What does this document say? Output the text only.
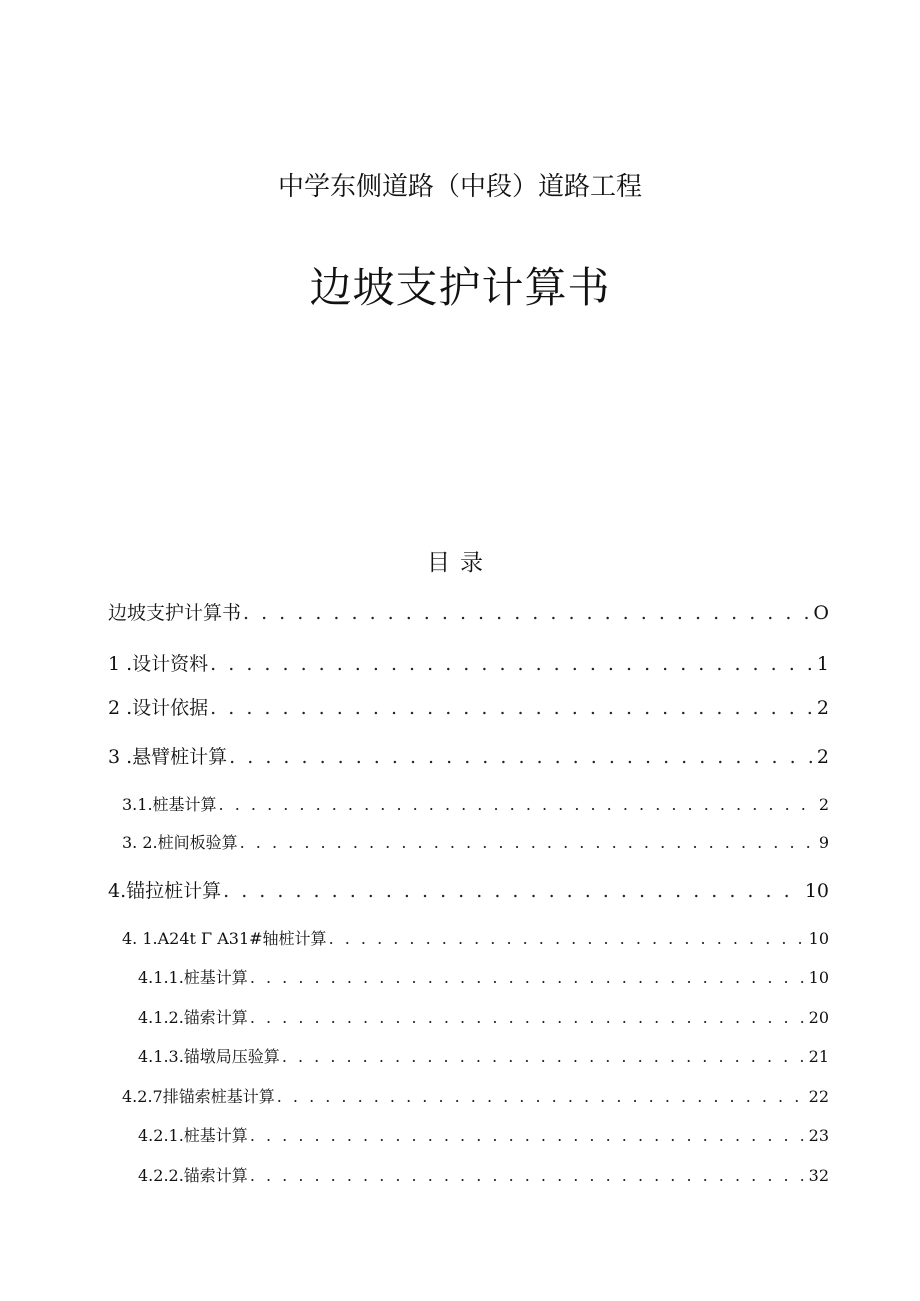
中学东侧道路（中段）道路工程
边坡支护计算书
目录
边坡支护计算书 . . .	O
1 .设计资料 . . .	1
2 .设计依据 . . .	2
3 .悬臂桩计算 . . .	2
3.1.桩基计算 . . .	2
3. 2.桩间板验算 . . .	9
4.锚拉桩计算 . . .	10
4. 1.A24t Γ A31#轴桩计算 . . .	10
4.1.1.桩基计算 . . .	10
4.1.2.锚索计算 . . .	20
4.1.3.锚墩局压验算 . . .	21
4.2.7排锚索桩基计算 . . .	22
4.2.1.桩基计算 . . .	23
4.2.2.锚索计算 . . .	32
